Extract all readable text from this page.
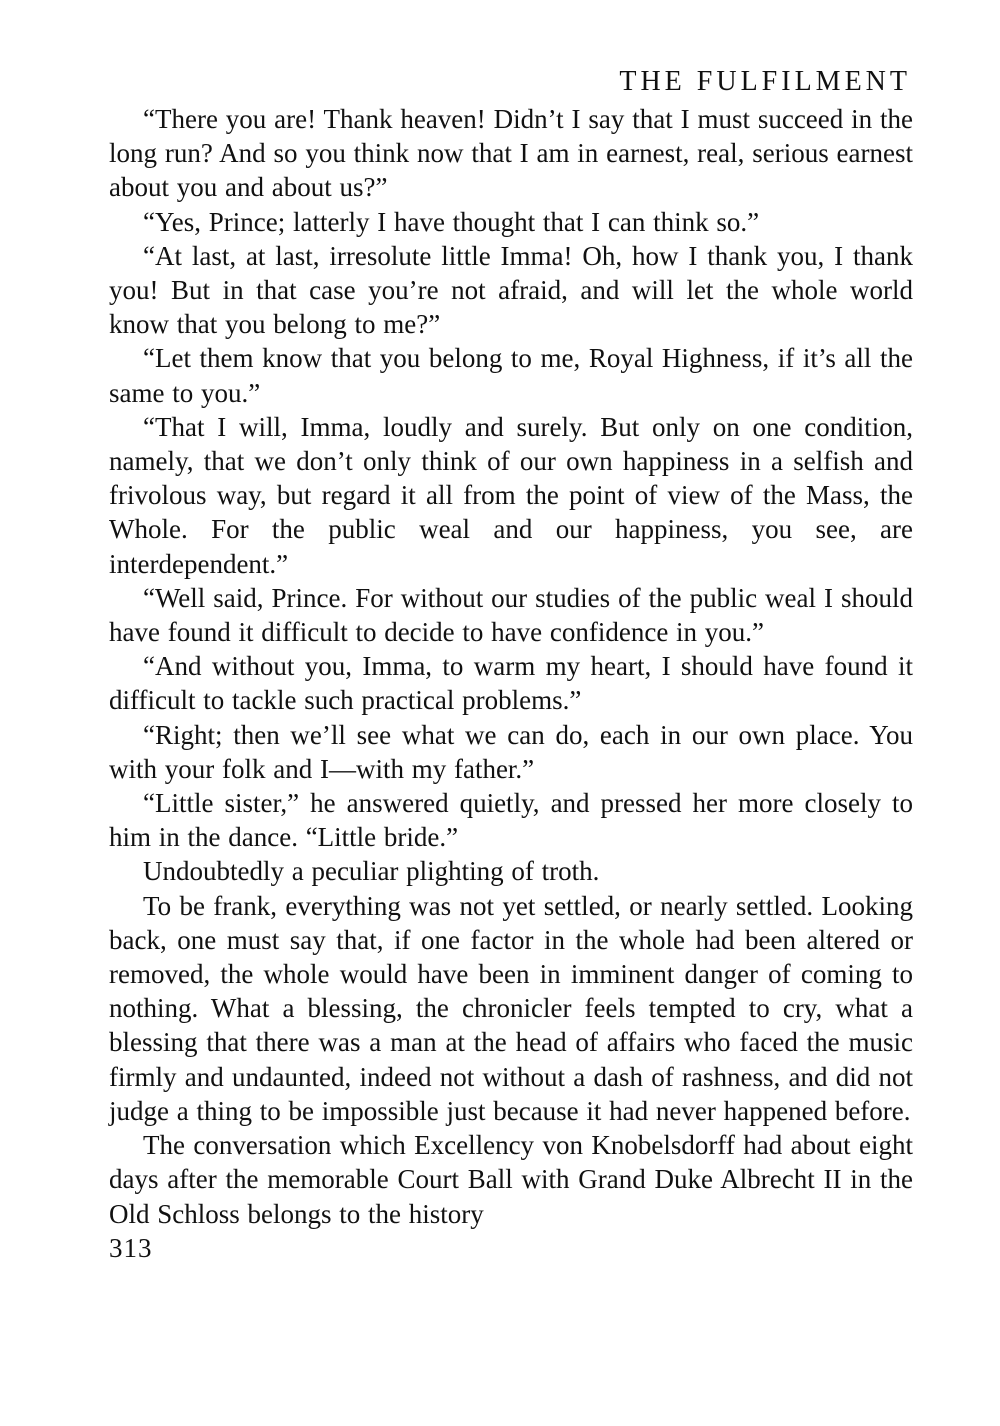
THE FULFILMENT

“There you are! Thank heaven! Didn’t I say that I must succeed in the long run? And so you think now that I am in earnest, real, serious earnest about you and about us?”

“Yes, Prince; latterly I have thought that I can think so.”

“At last, at last, irresolute little Imma! Oh, how I thank you, I thank you! But in that case you’re not afraid, and will let the whole world know that you belong to me?”

“Let them know that you belong to me, Royal Highness, if it’s all the same to you.”

“That I will, Imma, loudly and surely. But only on one condition, namely, that we don’t only think of our own happiness in a selfish and frivolous way, but regard it all from the point of view of the Mass, the Whole. For the public weal and our happiness, you see, are interdependent.”

“Well said, Prince. For without our studies of the public weal I should have found it difficult to decide to have confidence in you.”

“And without you, Imma, to warm my heart, I should have found it difficult to tackle such practical problems.”

“Right; then we’ll see what we can do, each in our own place. You with your folk and I—with my father.”

“Little sister,” he answered quietly, and pressed her more closely to him in the dance. “Little bride.”

Undoubtedly a peculiar plighting of troth.

To be frank, everything was not yet settled, or nearly settled. Looking back, one must say that, if one factor in the whole had been altered or removed, the whole would have been in imminent danger of coming to nothing. What a blessing, the chronicler feels tempted to cry, what a blessing that there was a man at the head of affairs who faced the music firmly and undaunted, indeed not without a dash of rashness, and did not judge a thing to be impossible just because it had never happened before.

The conversation which Excellency von Knobelsdorff had about eight days after the memorable Court Ball with Grand Duke Albrecht II in the Old Schloss belongs to the history

313
